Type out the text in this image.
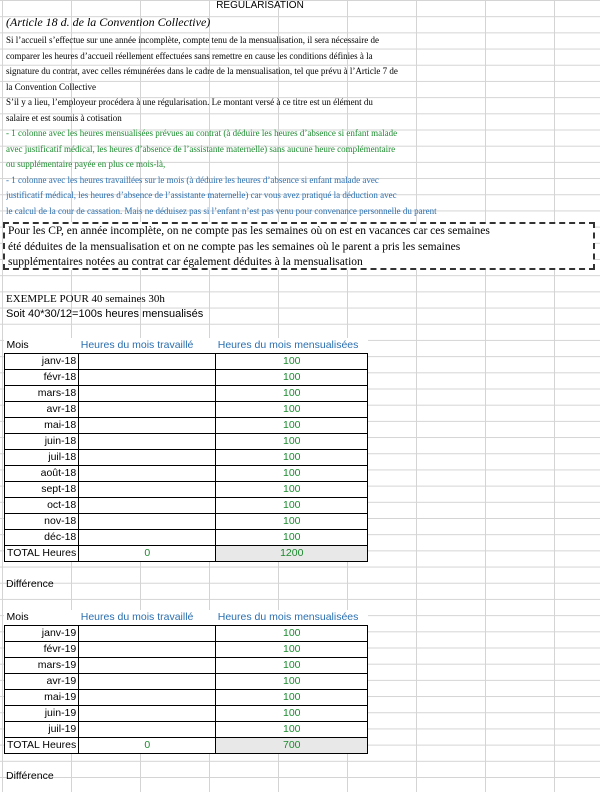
REGULARISATION
(Article 18 d. de la Convention Collective)
Si l’accueil s’effectue sur une année incomplète, compte tenu de la mensualisation, il sera nécessaire de
comparer les heures d’accueil réellement effectuées sans remettre en cause les conditions définies à la
signature du contrat, avec celles rémunérées dans le cadre de la mensualisation, tel que prévu à l’Article 7 de
la Convention Collective
S’il y a lieu, l’employeur procédera à une régularisation. Le montant versé à ce titre est un élément du
salaire et est soumis à cotisation
- 1 colonne avec les heures mensualisées prévues au contrat (à déduire les heures d’absence si enfant malade
avec justificatif médical, les heures d’absence de l’assistante maternelle) sans aucune heure complémentaire
ou supplémentaire payée en plus ce mois-là,
- 1 colonne avec les heures travaillées sur le mois (à déduire les heures d’absence si enfant malade avec
justificatif médical, les heures d’absence de l’assistante maternelle) car vous avez pratiqué la déduction avec
le calcul de la cour de cassation. Mais ne déduisez pas si l’enfant n’est pas venu pour convenance personnelle du parent
Pour les CP, en année incomplète, on ne compte pas les semaines où on est en vacances car ces semaines
été déduites de la mensualisation et on ne compte pas les semaines où le parent a pris les semaines
supplémentaires notées au contrat car également déduites à la mensualisation
EXEMPLE POUR 40 semaines 30h
Soit 40*30/12=100s heures mensualisés
Mois	Heures du mois travaillé	Heures du mois mensualisées
janv-18		100
févr-18		100
mars-18		100
avr-18		100
mai-18		100
juin-18		100
juil-18		100
août-18		100
sept-18		100
oct-18		100
nov-18		100
déc-18		100
TOTAL Heures	0	1200
Différence
Mois	Heures du mois travaillé	Heures du mois mensualisées
janv-19		100
févr-19		100
mars-19		100
avr-19		100
mai-19		100
juin-19		100
juil-19		100
TOTAL Heures	0	700
Différence
